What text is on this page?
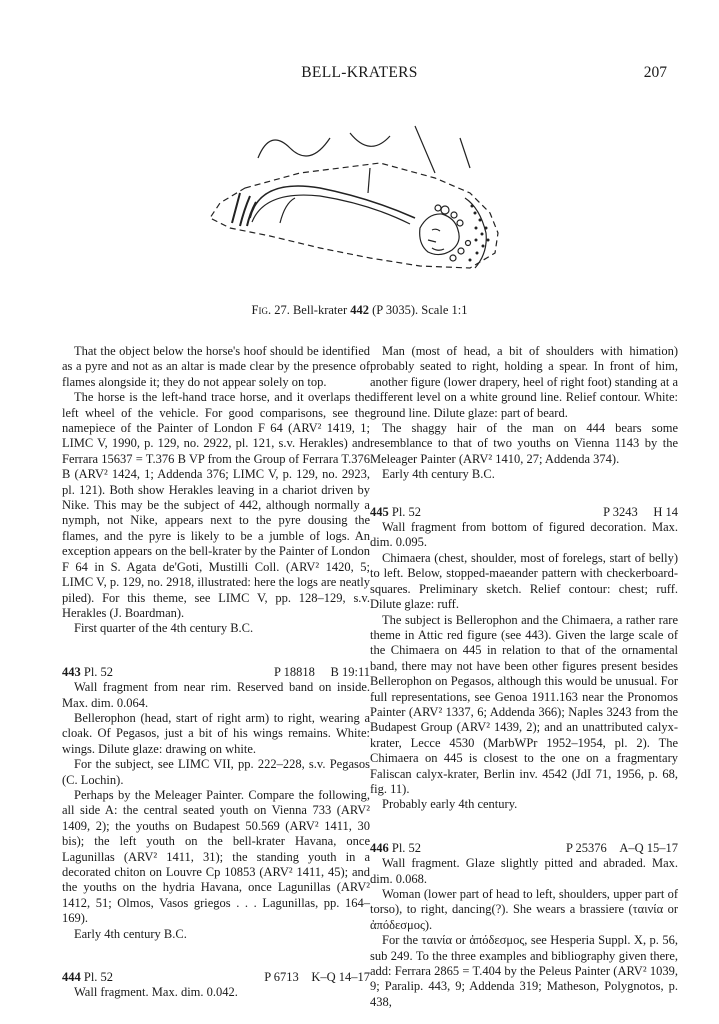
BELL-KRATERS	207
Fig. 27. Bell-krater 442 (P 3035). Scale 1:1

That the object below the horse's hoof should be identified as a pyre and not as an altar is made clear by the presence of flames alongside it; they do not appear solely on top.

The horse is the left-hand trace horse, and it overlaps the left wheel of the vehicle. For good comparisons, see the namepiece of the Painter of London F 64 (ARV² 1419, 1; LIMC V, 1990, p. 129, no. 2922, pl. 121, s.v. Herakles) and Ferrara 15637 = T.376 B VP from the Group of Ferrara T.376 B (ARV² 1424, 1; Addenda 376; LIMC V, p. 129, no. 2923, pl. 121). Both show Herakles leaving in a chariot driven by Nike. This may be the subject of 442, although normally a nymph, not Nike, appears next to the pyre dousing the flames, and the pyre is likely to be a jumble of logs. An exception appears on the bell-krater by the Painter of London F 64 in S. Agata de'Goti, Mustilli Coll. (ARV² 1420, 5; LIMC V, p. 129, no. 2918, illustrated: here the logs are neatly piled). For this theme, see LIMC V, pp. 128–129, s.v. Herakles (J. Boardman).

First quarter of the 4th century B.C.

443 Pl. 52	P 18818 B 19:11

Wall fragment from near rim. Reserved band on inside. Max. dim. 0.064.

Bellerophon (head, start of right arm) to right, wearing a cloak. Of Pegasos, just a bit of his wings remains. White: wings. Dilute glaze: drawing on white.

For the subject, see LIMC VII, pp. 222–228, s.v. Pegasos (C. Lochin).

Perhaps by the Meleager Painter. Compare the following, all side A: the central seated youth on Vienna 733 (ARV² 1409, 2); the youths on Budapest 50.569 (ARV² 1411, 30 bis); the left youth on the bell-krater Havana, once Lagunillas (ARV² 1411, 31); the standing youth in a decorated chiton on Louvre Cp 10853 (ARV² 1411, 45); and the youths on the hydria Havana, once Lagunillas (ARV² 1412, 51; Olmos, Vasos griegos . . . Lagunillas, pp. 164–169).

Early 4th century B.C.

444 Pl. 52	P 6713 K–Q 14–17

Wall fragment. Max. dim. 0.042.

Man (most of head, a bit of shoulders with himation) probably seated to right, holding a spear. In front of him, another figure (lower drapery, heel of right foot) standing at a different level on a white ground line. Relief contour. White: ground line. Dilute glaze: part of beard.

The shaggy hair of the man on 444 bears some resemblance to that of two youths on Vienna 1143 by the Meleager Painter (ARV² 1410, 27; Addenda 374).

Early 4th century B.C.

445 Pl. 52	P 3243 H 14

Wall fragment from bottom of figured decoration. Max. dim. 0.095.

Chimaera (chest, shoulder, most of forelegs, start of belly) to left. Below, stopped-maeander pattern with checkerboard-squares. Preliminary sketch. Relief contour: chest; ruff. Dilute glaze: ruff.

The subject is Bellerophon and the Chimaera, a rather rare theme in Attic red figure (see 443). Given the large scale of the Chimaera on 445 in relation to that of the ornamental band, there may not have been other figures present besides Bellerophon on Pegasos, although this would be unusual. For full representations, see Genoa 1911.163 near the Pronomos Painter (ARV² 1337, 6; Addenda 366); Naples 3243 from the Budapest Group (ARV² 1439, 2); and an unattributed calyx-krater, Lecce 4530 (MarbWPr 1952–1954, pl. 2). The Chimaera on 445 is closest to the one on a fragmentary Faliscan calyx-krater, Berlin inv. 4542 (JdI 71, 1956, p. 68, fig. 11).

Probably early 4th century.

446 Pl. 52	P 25376 A–Q 15–17

Wall fragment. Glaze slightly pitted and abraded. Max. dim. 0.068.

Woman (lower part of head to left, shoulders, upper part of torso), to right, dancing(?). She wears a brassiere (ταινία or ἀπόδεσμος).

For the ταινία or ἀπόδεσμος, see Hesperia Suppl. X, p. 56, sub 249. To the three examples and bibliography given there, add: Ferrara 2865 = T.404 by the Peleus Painter (ARV² 1039, 9; Paralip. 443, 9; Addenda 319; Matheson, Polygnotos, p. 438,
